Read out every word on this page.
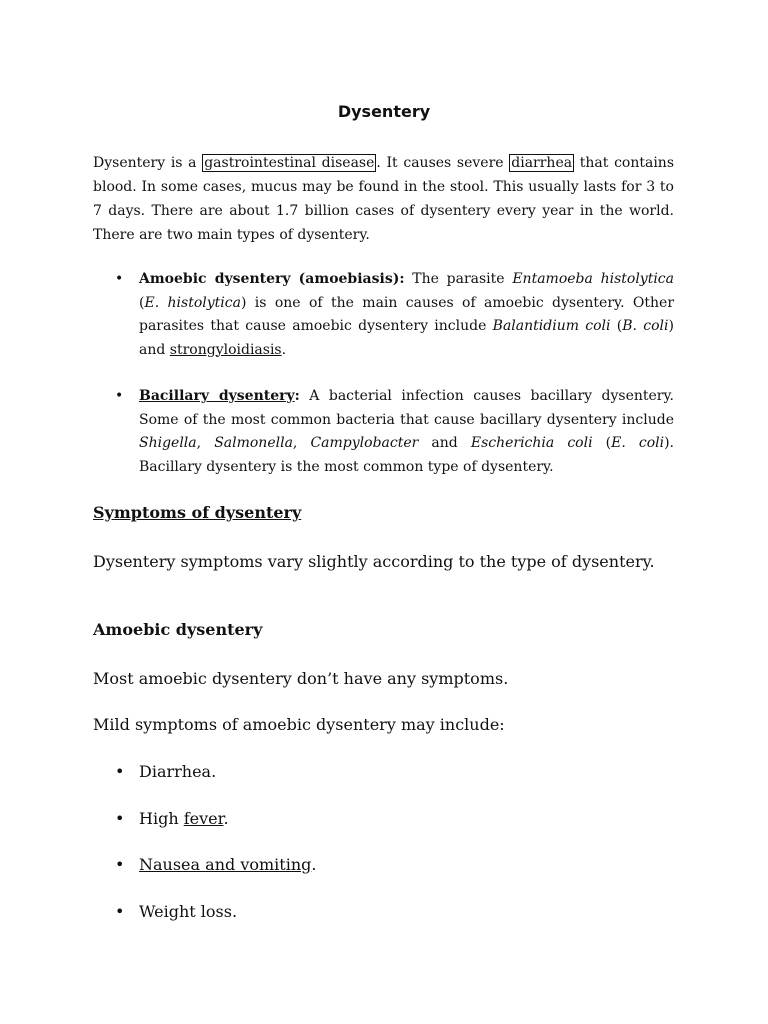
Dysentery

Dysentery is a gastrointestinal disease . It causes severe diarrhea that contains blood. In some cases, mucus may be found in the stool. This usually lasts for 3 to 7 days. There are about 1.7 billion cases of dysentery every year in the world. There are two main types of dysentery.

• Amoebic dysentery (amoebiasis): The parasite Entamoeba histolytica (E. histolytica) is one of the main causes of amoebic dysentery. Other parasites that cause amoebic dysentery include Balantidium coli (B. coli) and strongyloidiasis.
• Bacillary dysentery: A bacterial infection causes bacillary dysentery. Some of the most common bacteria that cause bacillary dysentery include Shigella, Salmonella, Campylobacter and Escherichia coli (E. coli). Bacillary dysentery is the most common type of dysentery.
Symptoms of dysentery

Dysentery symptoms vary slightly according to the type of dysentery.

Amoebic dysentery

Most amoebic dysentery don’t have any symptoms.

Mild symptoms of amoebic dysentery may include:

• Diarrhea.
• High fever.
• Nausea and vomiting.
• Weight loss.
